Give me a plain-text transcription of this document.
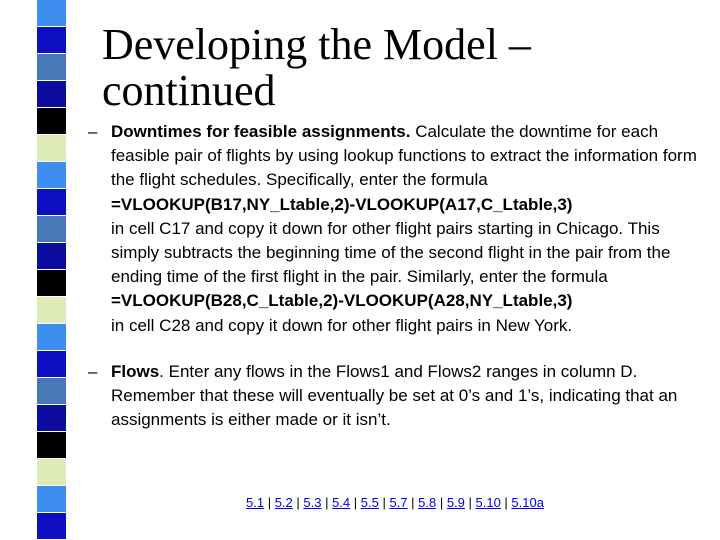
Developing the Model – continued
– Downtimes for feasible assignments. Calculate the downtime for each feasible pair of flights by using lookup functions to extract the information form the flight schedules. Specifically, enter the formula
=VLOOKUP(B17,NY_Ltable,2)-VLOOKUP(A17,C_Ltable,3)
in cell C17 and copy it down for other flight pairs starting in Chicago. This simply subtracts the beginning time of the second flight in the pair from the ending time of the first flight in the pair. Similarly, enter the formula
=VLOOKUP(B28,C_Ltable,2)-VLOOKUP(A28,NY_Ltable,3)
in cell C28 and copy it down for other flight pairs in New York.
– Flows. Enter any flows in the Flows1 and Flows2 ranges in column D. Remember that these will eventually be set at 0’s and 1’s, indicating that an assignments is either made or it isn’t.
5.1 | 5.2 | 5.3 | 5.4 | 5.5 | 5.7 | 5.8 | 5.9 | 5.10 | 5.10a
